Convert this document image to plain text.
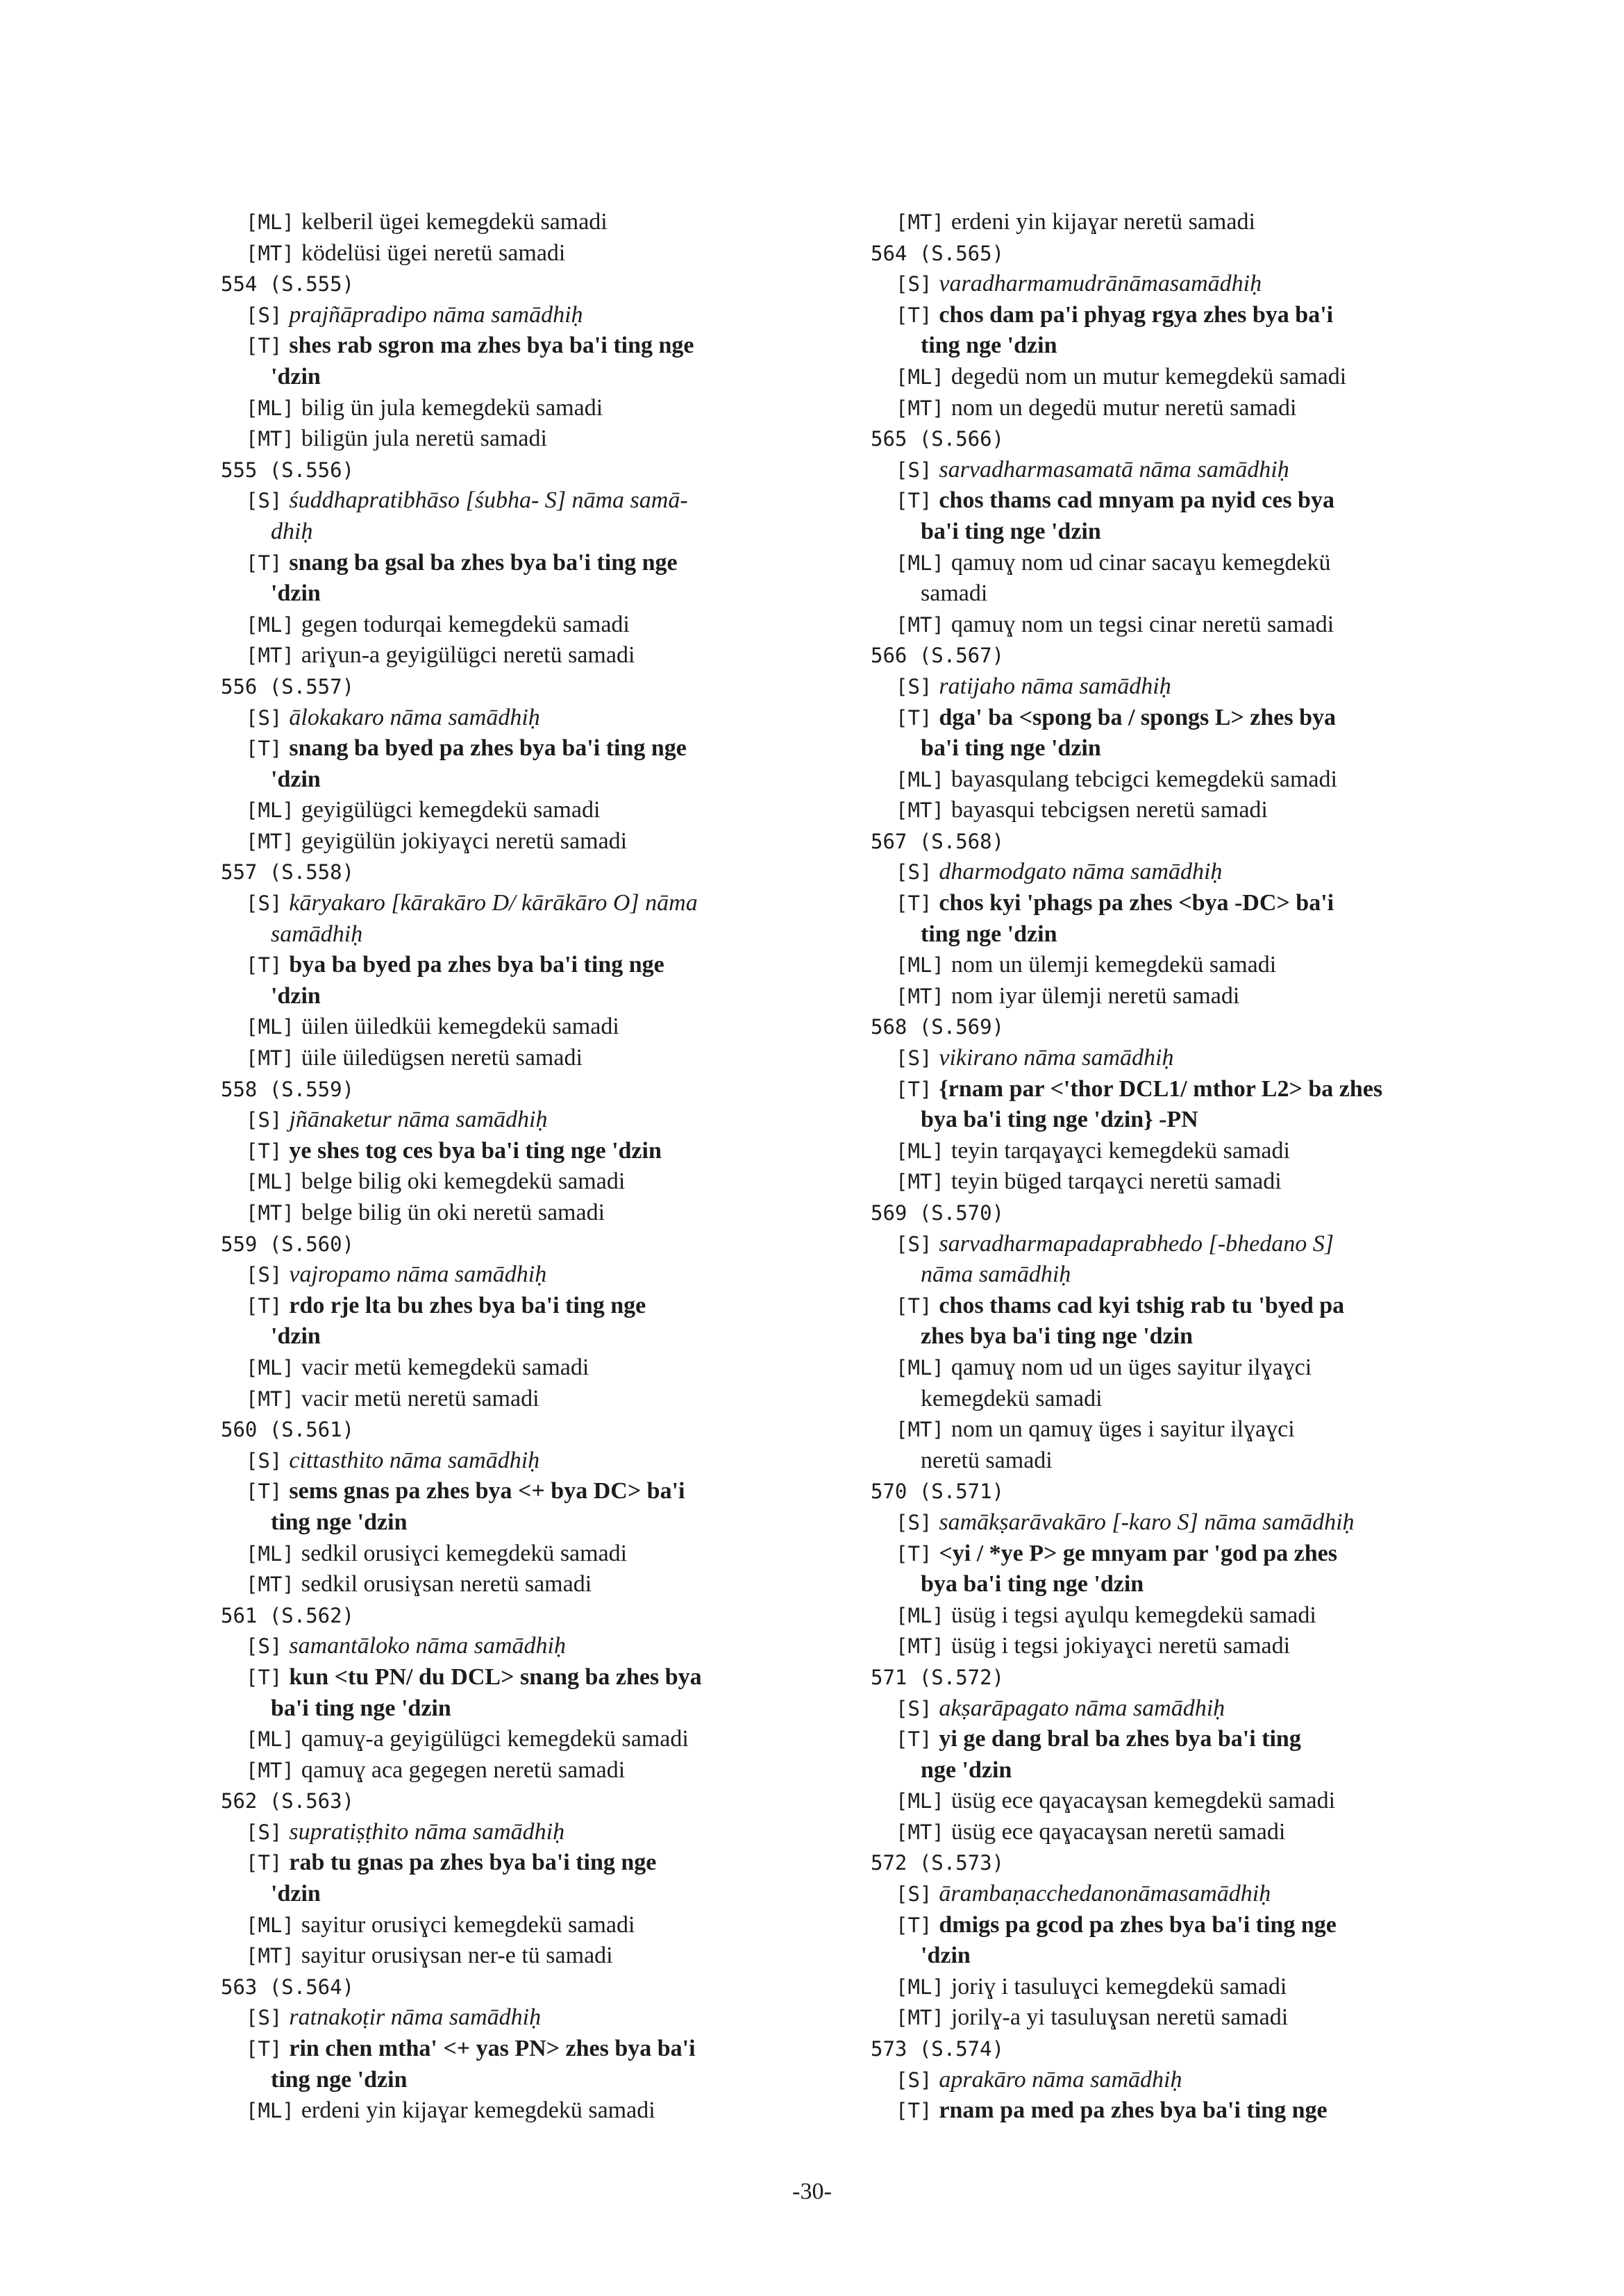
[ML] kelberil ügei kemegdekü samadi
[MT] ködelüsi ügei neretü samadi
554 (S.555)
[S] prajñāpradipo nāma samādhiḥ
[T] shes rab sgron ma zhes bya ba'i ting nge
'dzin
[ML] bilig ün jula kemegdekü samadi
[MT] biligün jula neretü samadi
555 (S.556)
[S] śuddhapratibhāso [śubha- S] nāma samā-
dhiḥ
[T] snang ba gsal ba zhes bya ba'i ting nge
'dzin
[ML] gegen todurqai kemegdekü samadi
[MT] ariɣun-a geyigülügci neretü samadi
556 (S.557)
[S] ālokakaro nāma samādhiḥ
[T] snang ba byed pa zhes bya ba'i ting nge
'dzin
[ML] geyigülügci kemegdekü samadi
[MT] geyigülün jokiyaɣci neretü samadi
557 (S.558)
[S] kāryakaro [kārakāro D/ kārākāro O] nāma
samādhiḥ
[T] bya ba byed pa zhes bya ba'i ting nge
'dzin
[ML] üilen üiledküi kemegdekü samadi
[MT] üile üiledügsen neretü samadi
558 (S.559)
[S] jñānaketur nāma samādhiḥ
[T] ye shes tog ces bya ba'i ting nge 'dzin
[ML] belge bilig oki kemegdekü samadi
[MT] belge bilig ün oki neretü samadi
559 (S.560)
[S] vajropamo nāma samādhiḥ
[T] rdo rje lta bu zhes bya ba'i ting nge
'dzin
[ML] vacir metü kemegdekü samadi
[MT] vacir metü neretü samadi
560 (S.561)
[S] cittasthito nāma samādhiḥ
[T] sems gnas pa zhes bya <+ bya DC> ba'i
ting nge 'dzin
[ML] sedkil orusiɣci kemegdekü samadi
[MT] sedkil orusiɣsan neretü samadi
561 (S.562)
[S] samantāloko nāma samādhiḥ
[T] kun <tu PN/ du DCL> snang ba zhes bya
ba'i ting nge 'dzin
[ML] qamuɣ-a geyigülügci kemegdekü samadi
[MT] qamuɣ aca gegegen neretü samadi
562 (S.563)
[S] supratiṣṭhito nāma samādhiḥ
[T] rab tu gnas pa zhes bya ba'i ting nge
'dzin
[ML] sayitur orusiɣci kemegdekü samadi
[MT] sayitur orusiɣsan ner-e tü samadi
563 (S.564)
[S] ratnakoṭir nāma samādhiḥ
[T] rin chen mtha' <+ yas PN> zhes bya ba'i
ting nge 'dzin
[ML] erdeni yin kijaɣar kemegdekü samadi
[MT] erdeni yin kijaɣar neretü samadi
564 (S.565)
[S] varadharmamudrānāmasamādhiḥ
[T] chos dam pa'i phyag rgya zhes bya ba'i
ting nge 'dzin
[ML] degedü nom un mutur kemegdekü samadi
[MT] nom un degedü mutur neretü samadi
565 (S.566)
[S] sarvadharmasamatā nāma samādhiḥ
[T] chos thams cad mnyam pa nyid ces bya
ba'i ting nge 'dzin
[ML] qamuɣ nom ud cinar sacaɣu kemegdekü
samadi
[MT] qamuɣ nom un tegsi cinar neretü samadi
566 (S.567)
[S] ratijaho nāma samādhiḥ
[T] dga' ba <spong ba / spongs L> zhes bya
ba'i ting nge 'dzin
[ML] bayasqulang tebcigci kemegdekü samadi
[MT] bayasqui tebcigsen neretü samadi
567 (S.568)
[S] dharmodgato nāma samādhiḥ
[T] chos kyi 'phags pa zhes <bya -DC> ba'i
ting nge 'dzin
[ML] nom un ülemji kemegdekü samadi
[MT] nom iyar ülemji neretü samadi
568 (S.569)
[S] vikirano nāma samādhiḥ
[T] {rnam par <'thor DCL1/ mthor L2> ba zhes
bya ba'i ting nge 'dzin} -PN
[ML] teyin tarqaɣaɣci kemegdekü samadi
[MT] teyin büged tarqaɣci neretü samadi
569 (S.570)
[S] sarvadharmapadaprabhedo [-bhedano S]
nāma samādhiḥ
[T] chos thams cad kyi tshig rab tu 'byed pa
zhes bya ba'i ting nge 'dzin
[ML] qamuɣ nom ud un üges sayitur ilɣaɣci
kemegdekü samadi
[MT] nom un qamuɣ üges i sayitur ilɣaɣci
neretü samadi
570 (S.571)
[S] samākṣarāvakāro [-karo S] nāma samādhiḥ
[T] <yi / *ye P> ge mnyam par 'god pa zhes
bya ba'i ting nge 'dzin
[ML] üsüg i tegsi aɣulqu kemegdekü samadi
[MT] üsüg i tegsi jokiyaɣci neretü samadi
571 (S.572)
[S] akṣarāpagato nāma samādhiḥ
[T] yi ge dang bral ba zhes bya ba'i ting
nge 'dzin
[ML] üsüg ece qaɣacaɣsan kemegdekü samadi
[MT] üsüg ece qaɣacaɣsan neretü samadi
572 (S.573)
[S] ārambaṇacchedanonāmasamādhiḥ
[T] dmigs pa gcod pa zhes bya ba'i ting nge
'dzin
[ML] joriɣ i tasuluɣci kemegdekü samadi
[MT] jorilɣ-a yi tasuluɣsan neretü samadi
573 (S.574)
[S] aprakāro nāma samādhiḥ
[T] rnam pa med pa zhes bya ba'i ting nge
-30-
